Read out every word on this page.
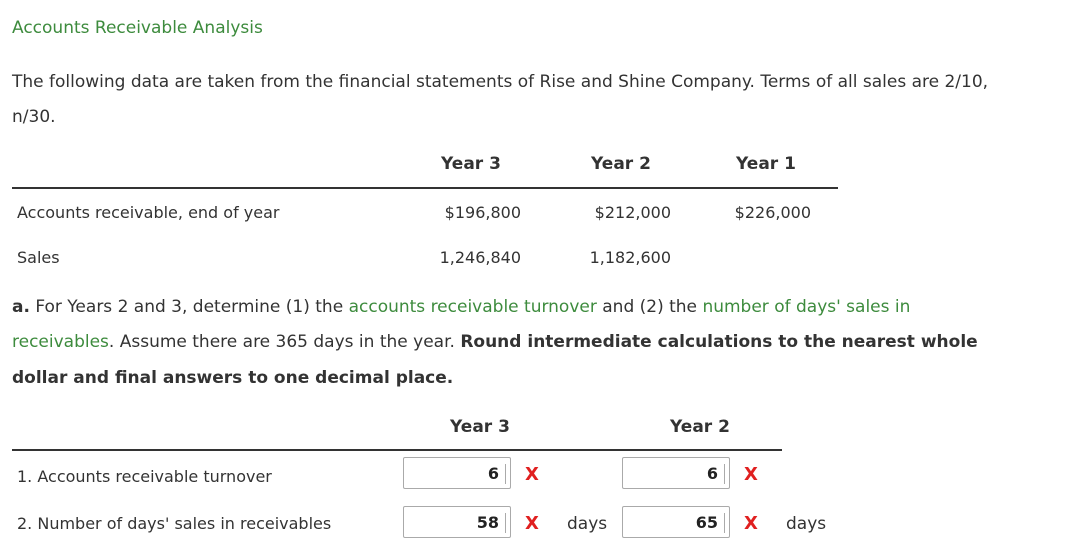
Accounts Receivable Analysis
The following data are taken from the financial statements of Rise and Shine Company. Terms of all sales are 2/10,
n/30.
Year 3	Year 2	Year 1
Accounts receivable, end of year	$196,800	$212,000	$226,000
Sales	1,246,840	1,182,600
a. For Years 2 and 3, determine (1) the accounts receivable turnover and (2) the number of days' sales in
receivables. Assume there are 365 days in the year. Round intermediate calculations to the nearest whole
dollar and final answers to one decimal place.
Year 3	Year 2
1. Accounts receivable turnover	6	X	6	X
2. Number of days' sales in receivables	58	X days	65	X days
